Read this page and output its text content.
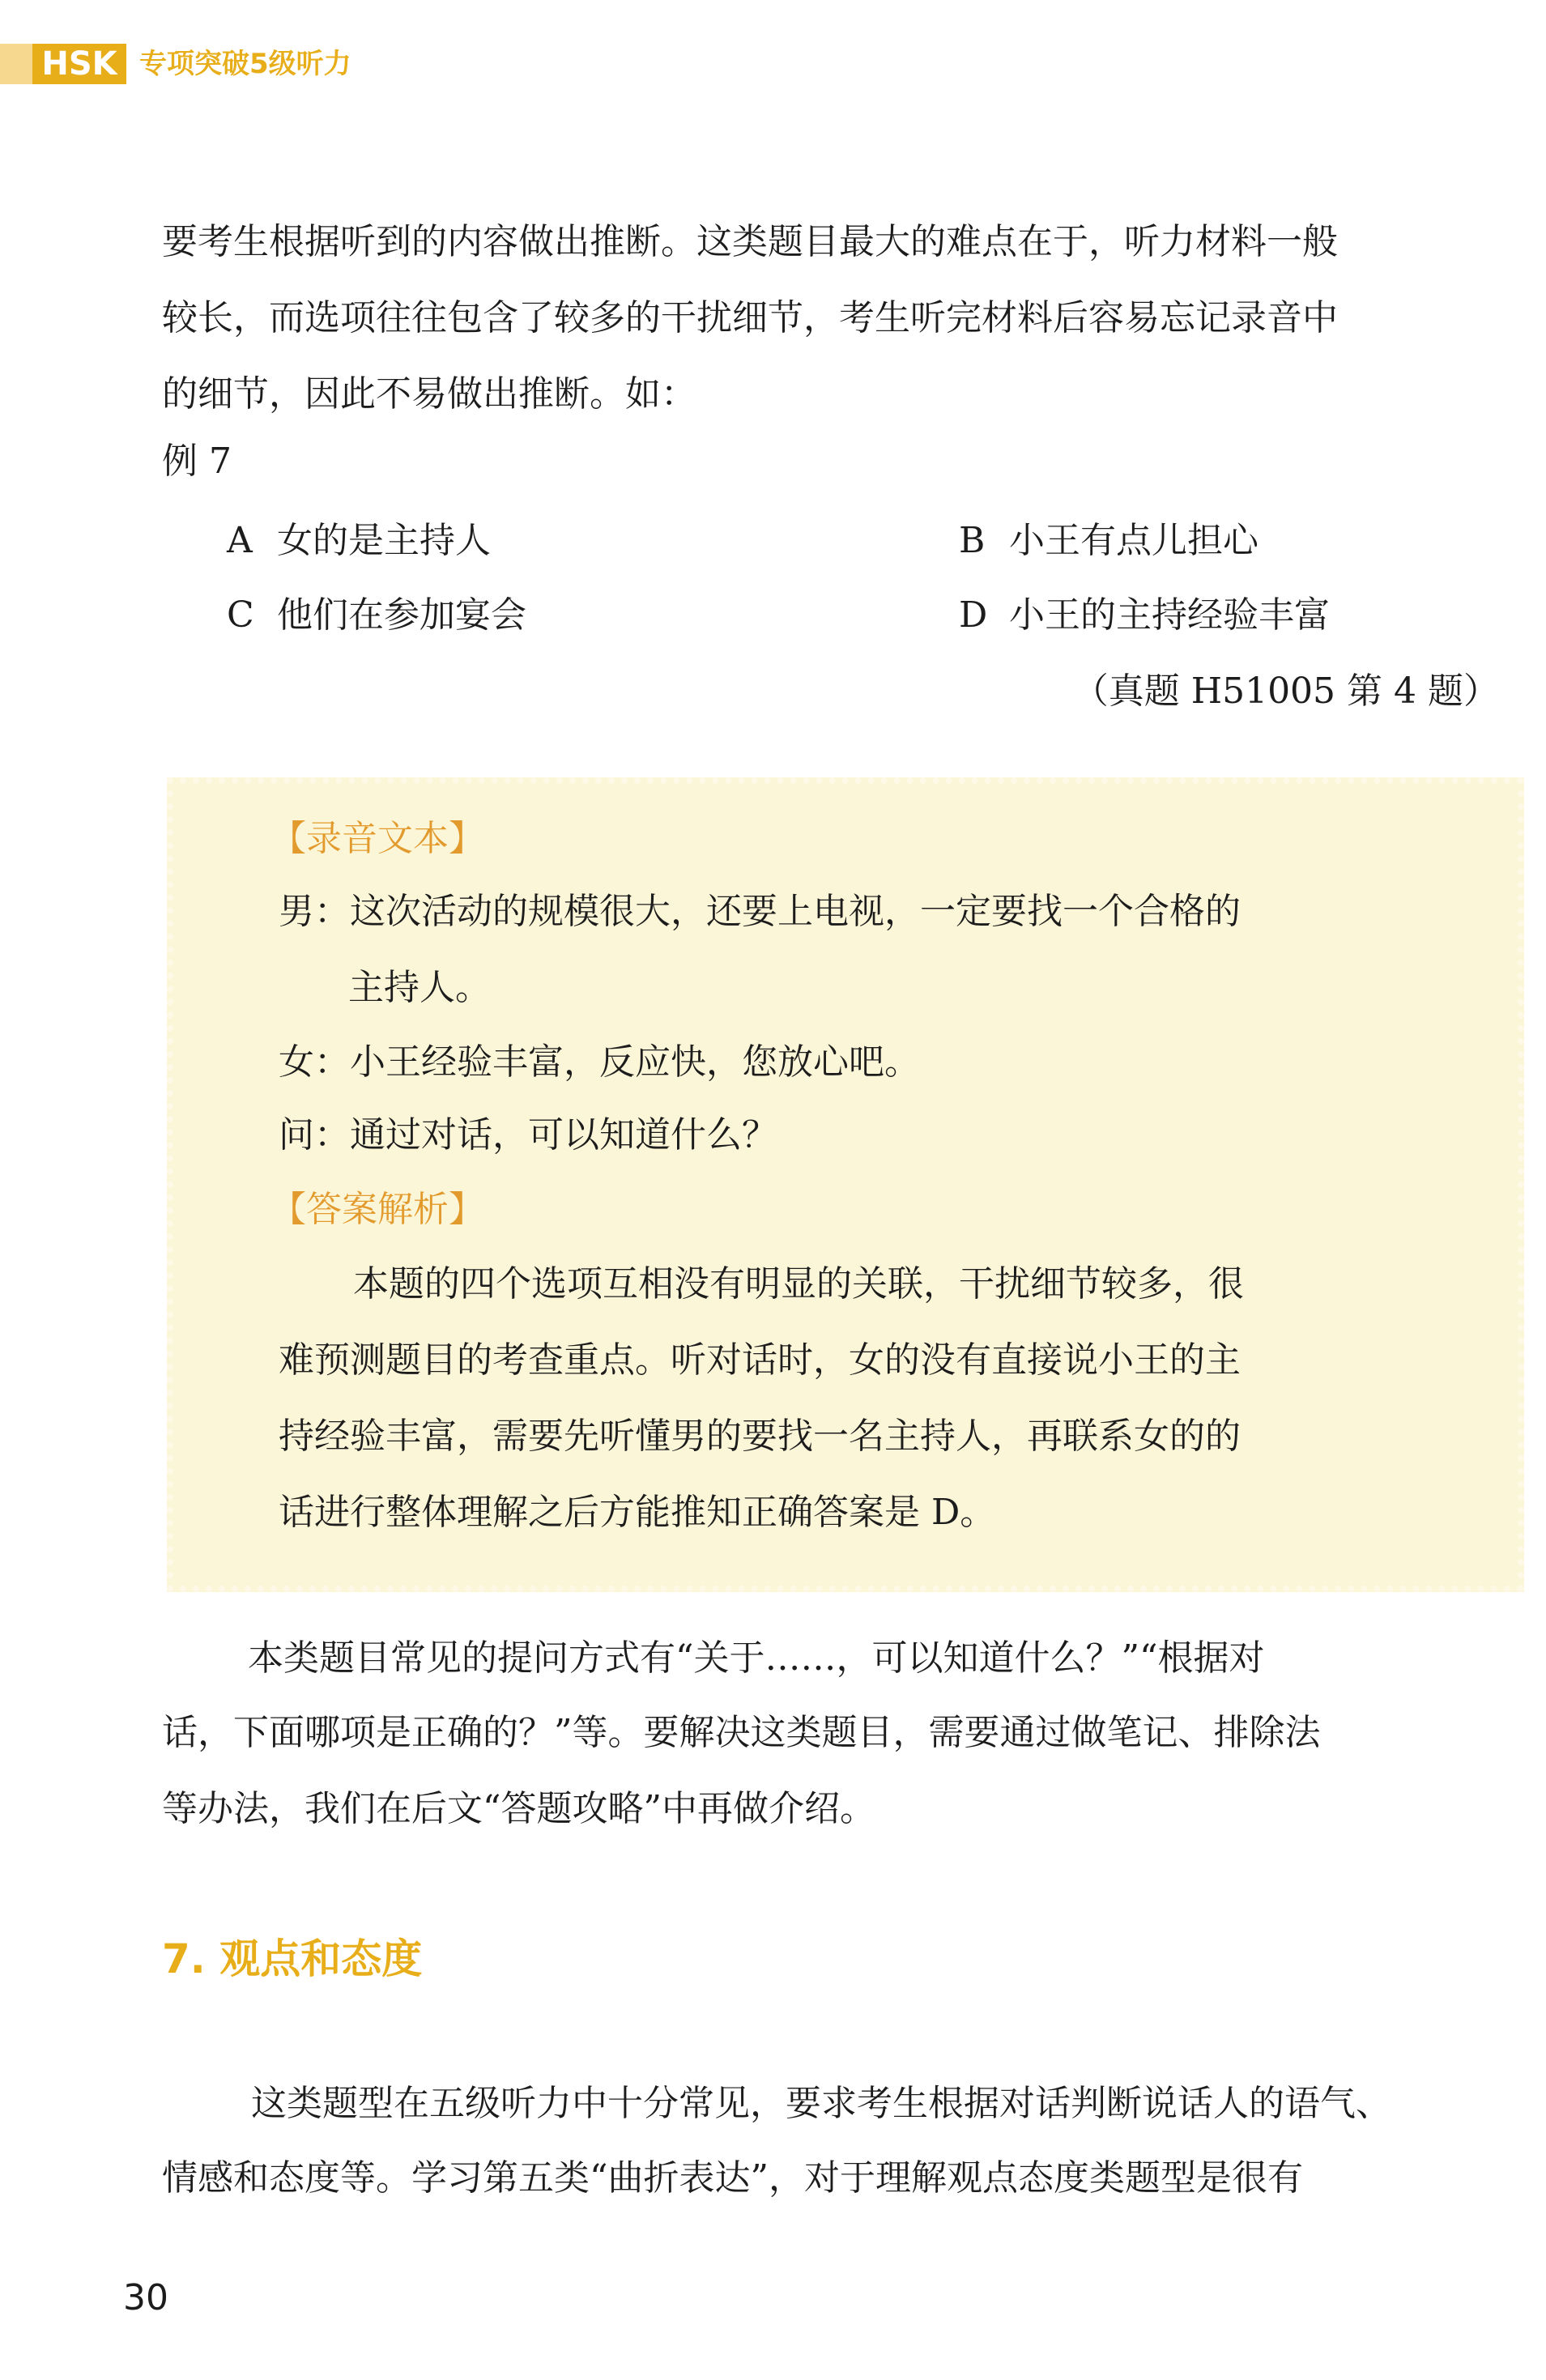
HSK 专项突破5级听力
要考生根据听到的内容做出推断。这类题目最大的难点在于，听力材料一般
较长，而选项往往包含了较多的干扰细节，考生听完材料后容易忘记录音中
的细节，因此不易做出推断。如：
例 7
A 女的是主持人	B 小王有点儿担心
C 他们在参加宴会	D 小王的主持经验丰富
（真题 H51005 第 4 题）
【录音文本】
男：这次活动的规模很大，还要上电视，一定要找一个合格的
主持人。
女：小王经验丰富，反应快，您放心吧。
问：通过对话，可以知道什么？
【答案解析】
本题的四个选项互相没有明显的关联，干扰细节较多，很
难预测题目的考查重点。听对话时，女的没有直接说小王的主
持经验丰富，需要先听懂男的要找一名主持人，再联系女的的
话进行整体理解之后方能推知正确答案是 D。
本类题目常见的提问方式有“关于……，可以知道什么？”“根据对
话，下面哪项是正确的？”等。要解决这类题目，需要通过做笔记、排除法
等办法，我们在后文“答题攻略”中再做介绍。
7. 观点和态度
这类题型在五级听力中十分常见，要求考生根据对话判断说话人的语气、
情感和态度等。学习第五类“曲折表达”，对于理解观点态度类题型是很有
30
